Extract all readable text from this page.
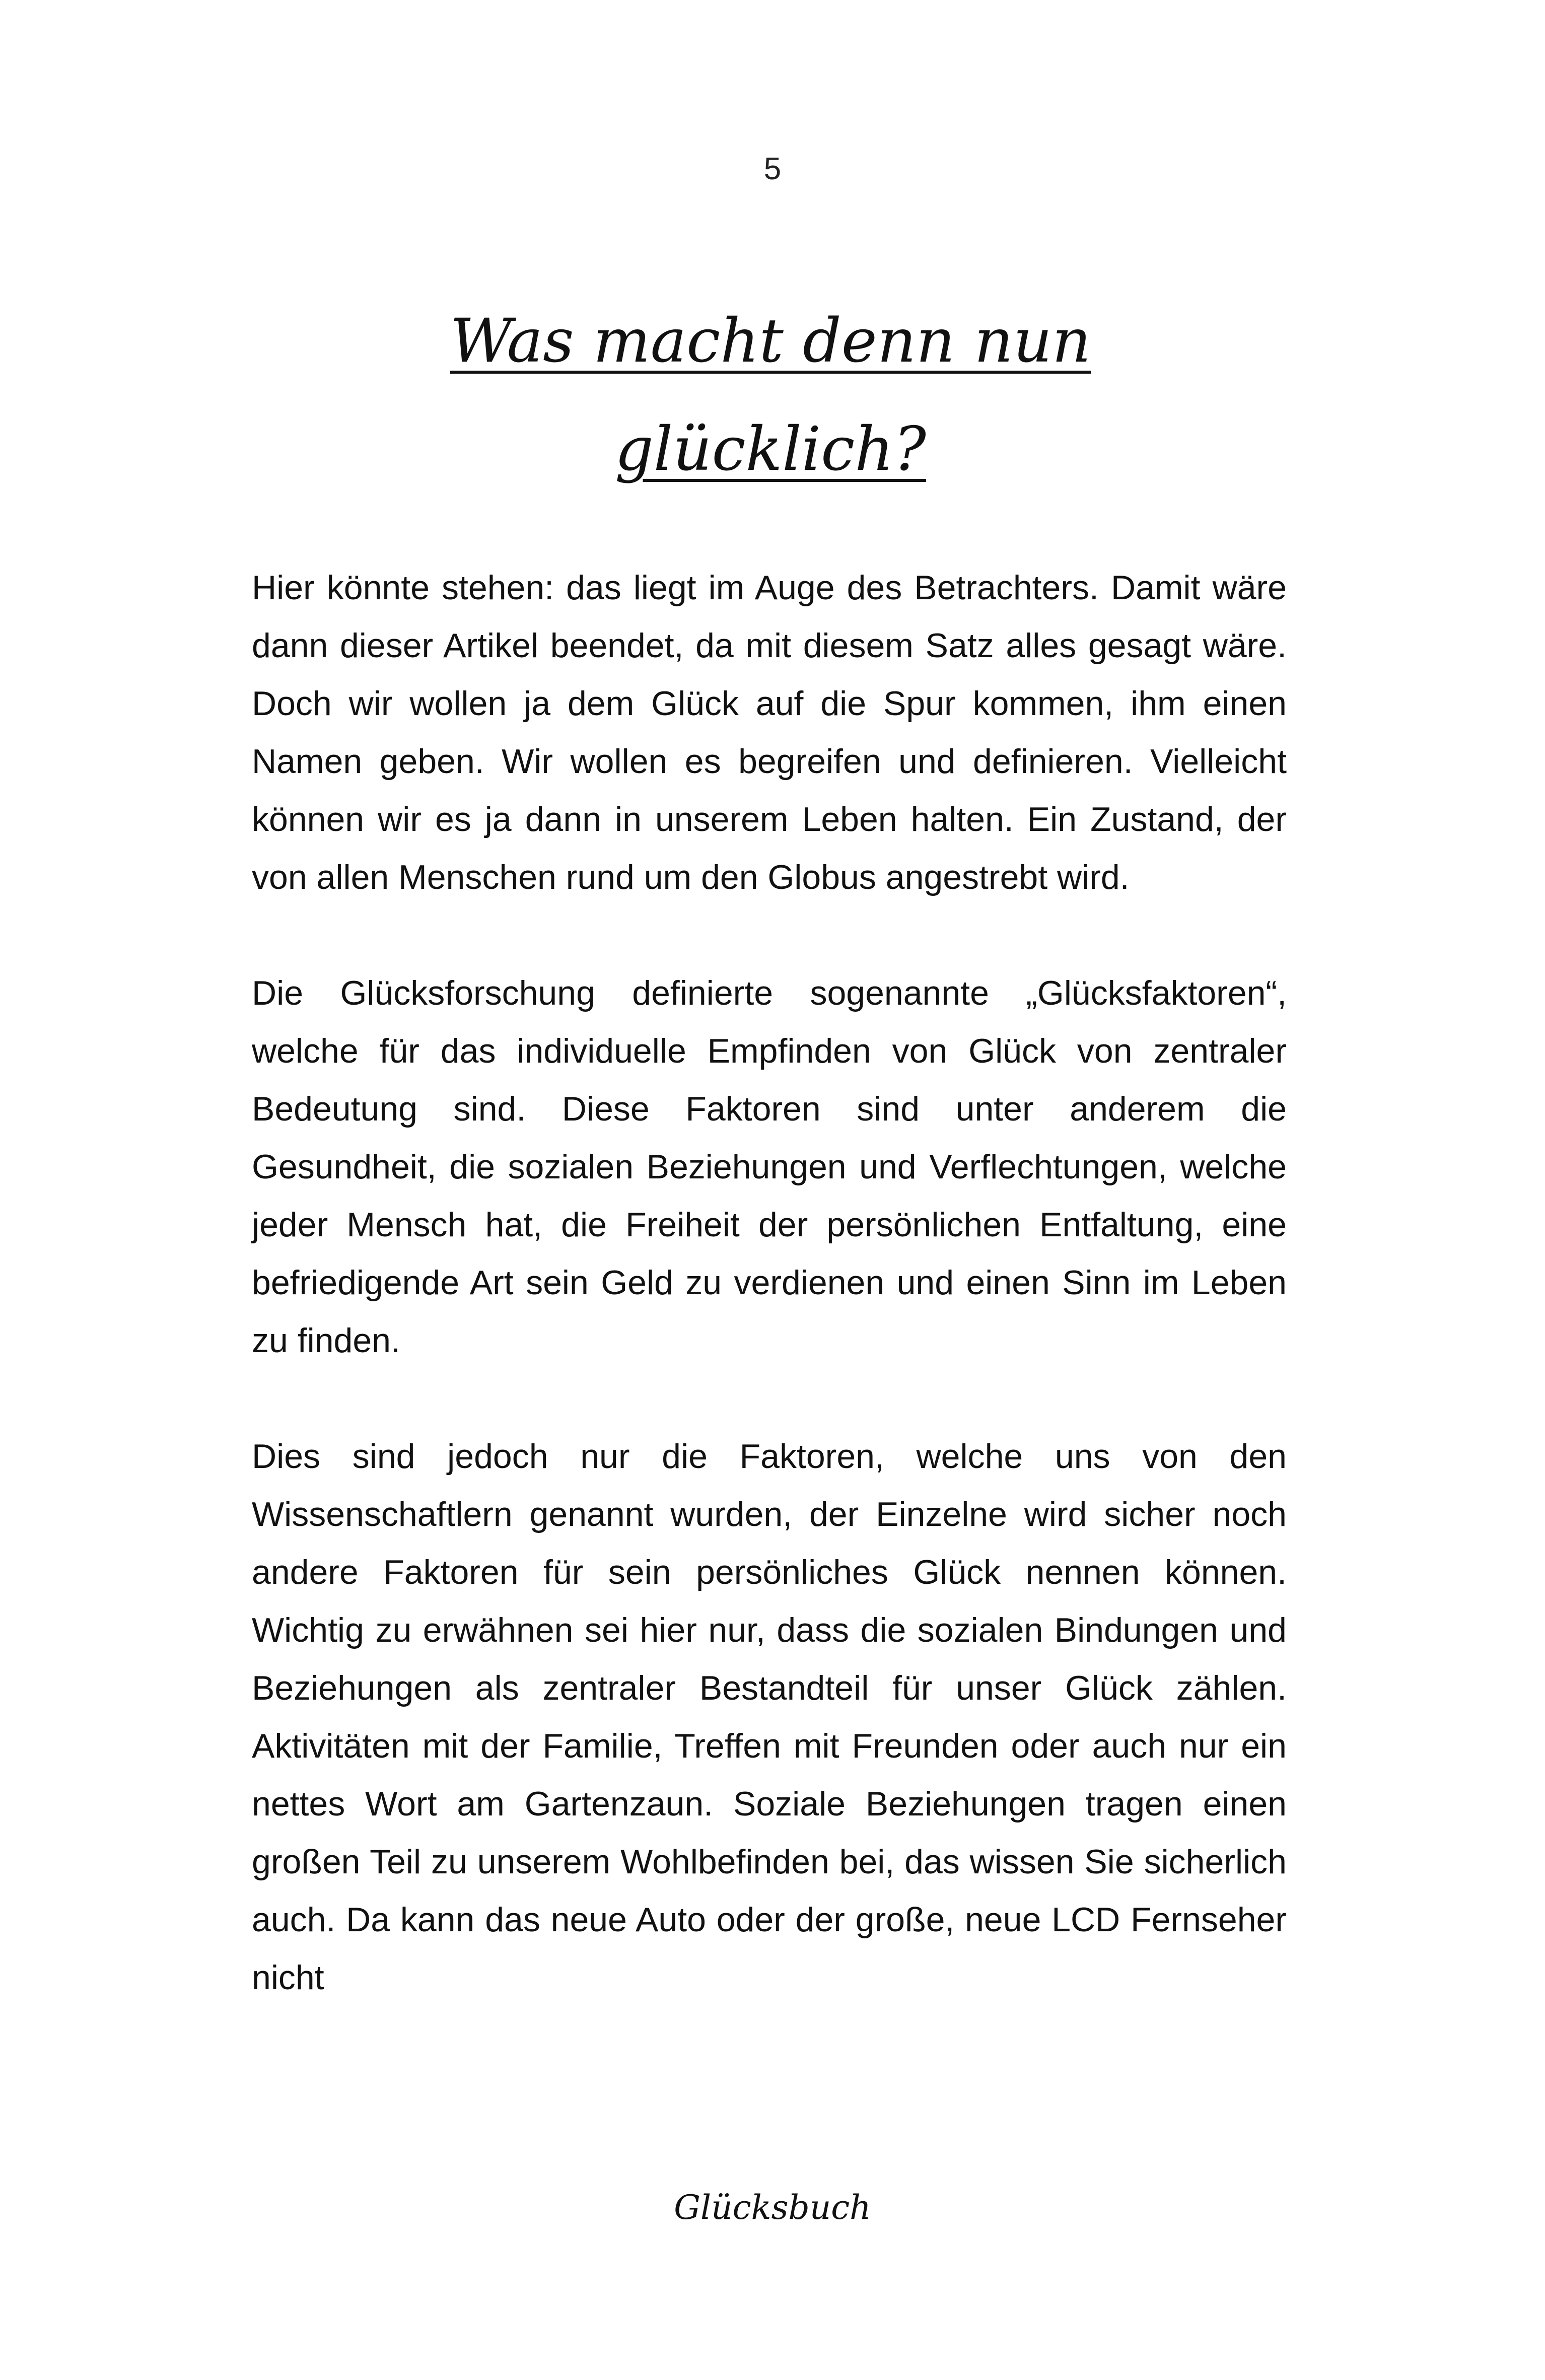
5
Was macht denn nun
glücklich?

Hier könnte stehen: das liegt im Auge des Betrachters. Damit wäre dann dieser Artikel beendet, da mit diesem Satz alles gesagt wäre. Doch wir wollen ja dem Glück auf die Spur kommen, ihm einen Namen geben. Wir wollen es begreifen und definieren. Vielleicht können wir es ja dann in unserem Leben halten. Ein Zustand, der von allen Menschen rund um den Globus angestrebt wird.

Die Glücksforschung definierte sogenannte „Glücksfaktoren“, welche für das individuelle Empfinden von Glück von zentraler Bedeutung sind. Diese Faktoren sind unter anderem die Gesundheit, die sozialen Beziehungen und Verflechtungen, welche jeder Mensch hat, die Freiheit der persönlichen Entfaltung, eine befriedigende Art sein Geld zu verdienen und einen Sinn im Leben zu finden.

Dies sind jedoch nur die Faktoren, welche uns von den Wissenschaftlern genannt wurden, der Einzelne wird sicher noch andere Faktoren für sein persönliches Glück nennen können. Wichtig zu erwähnen sei hier nur, dass die sozialen Bindungen und Beziehungen als zentraler Bestandteil für unser Glück zählen. Aktivitäten mit der Familie, Treffen mit Freunden oder auch nur ein nettes Wort am Gartenzaun. Soziale Beziehungen tragen einen großen Teil zu unserem Wohlbefinden bei, das wissen Sie sicherlich auch. Da kann das neue Auto oder der große, neue LCD Fernseher nicht

Glücksbuch
